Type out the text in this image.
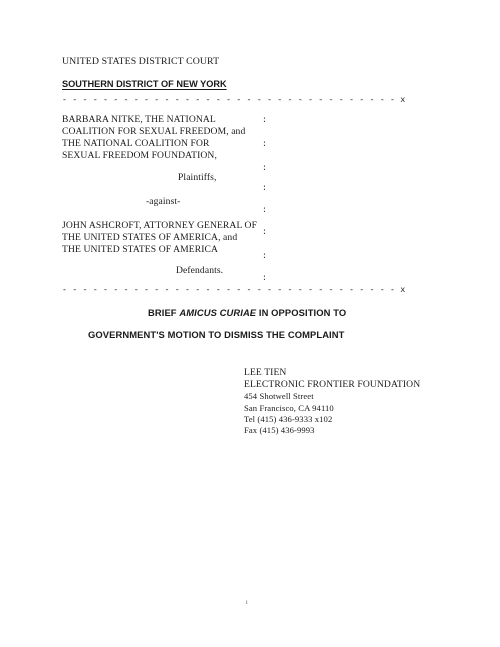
UNITED STATES DISTRICT COURT
SOUTHERN DISTRICT OF NEW YORK
- - - - - - - - - - - - - - - - - - - - - - - - - - - - - - - - - x
BARBARA NITKE, THE NATIONAL
COALITION FOR SEXUAL FREEDOM, and
THE NATIONAL COALITION FOR
SEXUAL FREEDOM FOUNDATION,
Plaintiffs,
-against-
JOHN ASHCROFT, ATTORNEY GENERAL OF
THE UNITED STATES OF AMERICA, and
THE UNITED STATES OF AMERICA
Defendants.
:
:
:
:
:
:
:
:
- - - - - - - - - - - - - - - - - - - - - - - - - - - - - - - - - x
BRIEF AMICUS CURIAE IN OPPOSITION TO
GOVERNMENT'S MOTION TO DISMISS THE COMPLAINT
LEE TIEN
ELECTRONIC FRONTIER FOUNDATION
454 Shotwell Street
San Francisco, CA 94110
Tel (415) 436-9333 x102
Fax (415) 436-9993
i
